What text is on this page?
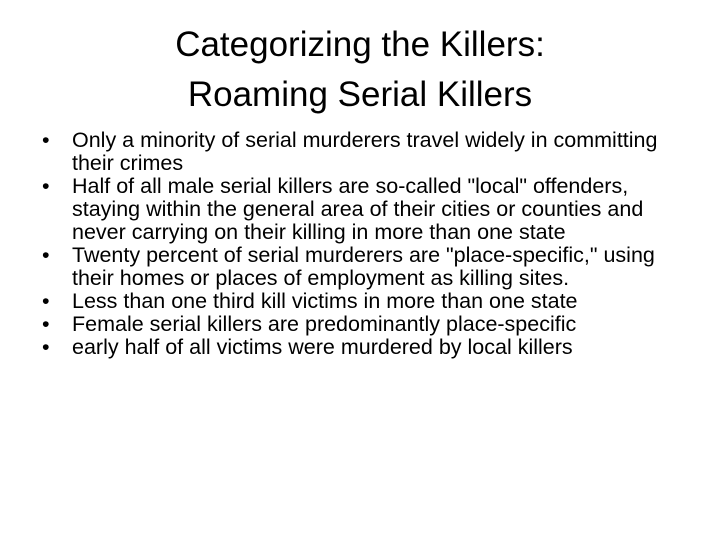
Categorizing the Killers:
Roaming Serial Killers
• Only a minority of serial murderers travel widely in committing their crimes
• Half of all male serial killers are so-called "local" offenders, staying within the general area of their cities or counties and never carrying on their killing in more than one state
• Twenty percent of serial murderers are "place-specific," using their homes or places of employment as killing sites.
• Less than one third kill victims in more than one state
• Female serial killers are predominantly place-specific
• early half of all victims were murdered by local killers
